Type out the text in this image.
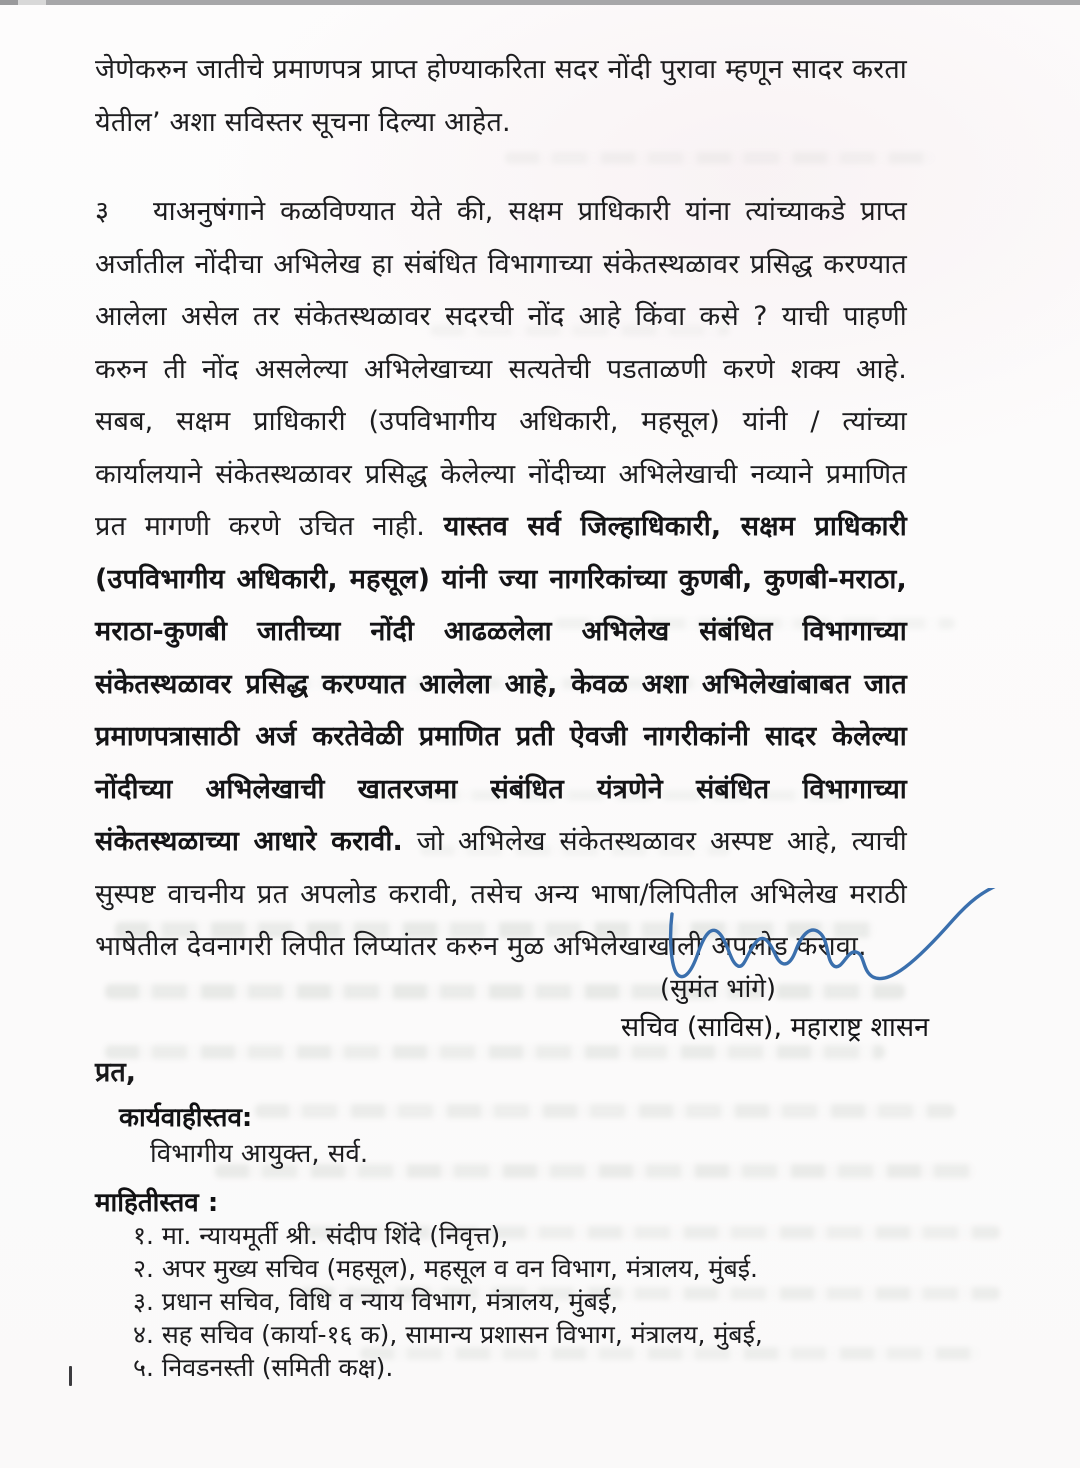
जेणेकरुन जातीचे प्रमाणपत्र प्राप्त होण्याकरिता सदर नोंदी पुरावा म्हणून सादर करता येतील’ अशा सविस्तर सूचना दिल्या आहेत.

३ याअनुषंगाने कळविण्यात येते की, सक्षम प्राधिकारी यांना त्यांच्याकडे प्राप्त अर्जातील नोंदीचा अभिलेख हा संबंधित विभागाच्या संकेतस्थळावर प्रसिद्ध करण्यात आलेला असेल तर संकेतस्थळावर सदरची नोंद आहे किंवा कसे ? याची पाहणी करुन ती नोंद असलेल्या अभिलेखाच्या सत्यतेची पडताळणी करणे शक्य आहे. सबब, सक्षम प्राधिकारी (उपविभागीय अधिकारी, महसूल) यांनी / त्यांच्या कार्यालयाने संकेतस्थळावर प्रसिद्ध केलेल्या नोंदीच्या अभिलेखाची नव्याने प्रमाणित प्रत मागणी करणे उचित नाही. यास्तव सर्व जिल्हाधिकारी, सक्षम प्राधिकारी (उपविभागीय अधिकारी, महसूल) यांनी ज्या नागरिकांच्या कुणबी, कुणबी-मराठा, मराठा-कुणबी जातीच्या नोंदी आढळलेला अभिलेख संबंधित विभागाच्या संकेतस्थळावर प्रसिद्ध करण्यात आलेला आहे, केवळ अशा अभिलेखांबाबत जात प्रमाणपत्रासाठी अर्ज करतेवेळी प्रमाणित प्रती ऐवजी नागरीकांनी सादर केलेल्या नोंदीच्या अभिलेखाची खातरजमा संबंधित यंत्रणेने संबंधित विभागाच्या संकेतस्थळाच्या आधारे करावी. जो अभिलेख संकेतस्थळावर अस्पष्ट आहे, त्याची सुस्पष्ट वाचनीय प्रत अपलोड करावी, तसेच अन्य भाषा/लिपितील अभिलेख मराठी भाषेतील देवनागरी लिपीत लिप्यांतर करुन मुळ अभिलेखाखाली अपलोड करावा.

(सुमंत भांगे)
सचिव (साविस), महाराष्ट्र शासन
प्रत,
कार्यवाहीस्तव:
विभागीय आयुक्त, सर्व.
माहितीस्तव :
१. मा. न्यायमूर्ती श्री. संदीप शिंदे (निवृत्त),
२. अपर मुख्य सचिव (महसूल), महसूल व वन विभाग, मंत्रालय, मुंबई.
३. प्रधान सचिव, विधि व न्याय विभाग, मंत्रालय, मुंबई,
४. सह सचिव (कार्या-१६ क), सामान्य प्रशासन विभाग, मंत्रालय, मुंबई,
५. निवडनस्ती (समिती कक्ष).
